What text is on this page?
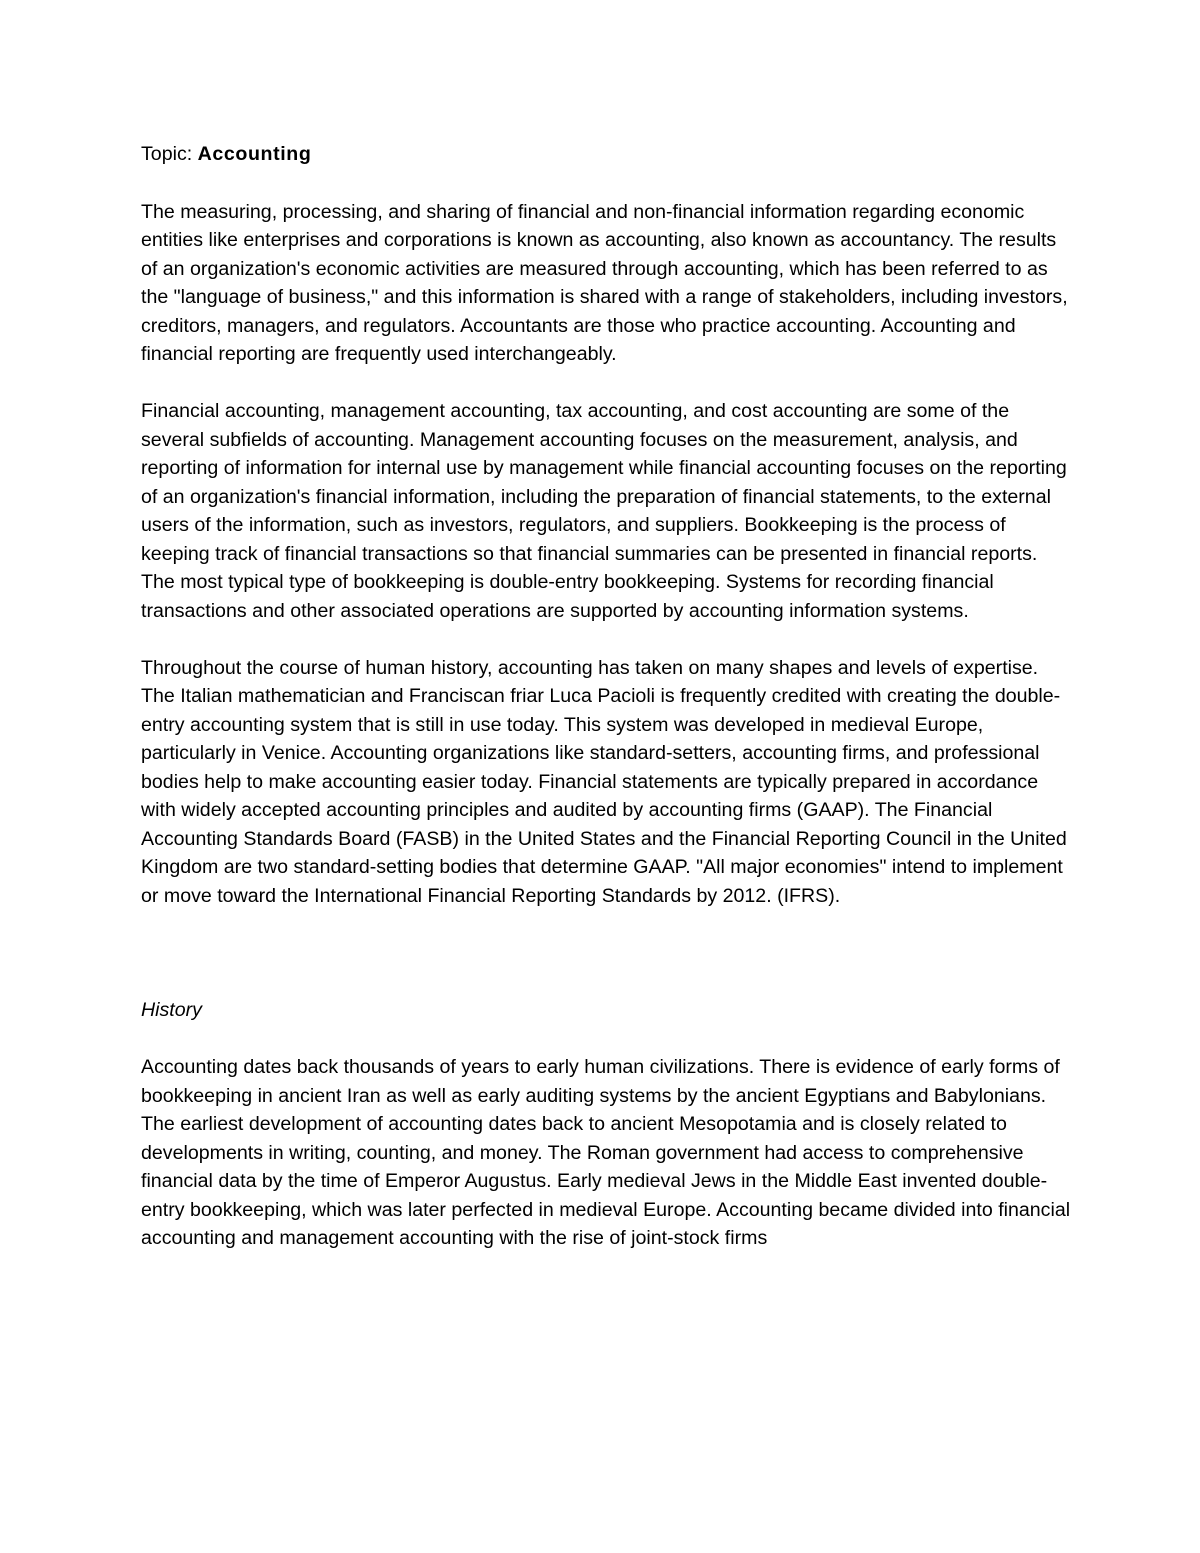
Topic: Accounting

The measuring, processing, and sharing of financial and non-financial information regarding economic entities like enterprises and corporations is known as accounting, also known as accountancy. The results of an organization's economic activities are measured through accounting, which has been referred to as the "language of business," and this information is shared with a range of stakeholders, including investors, creditors, managers, and regulators. Accountants are those who practice accounting. Accounting and financial reporting are frequently used interchangeably.

Financial accounting, management accounting, tax accounting, and cost accounting are some of the several subfields of accounting. Management accounting focuses on the measurement, analysis, and reporting of information for internal use by management while financial accounting focuses on the reporting of an organization's financial information, including the preparation of financial statements, to the external users of the information, such as investors, regulators, and suppliers. Bookkeeping is the process of keeping track of financial transactions so that financial summaries can be presented in financial reports. The most typical type of bookkeeping is double-entry bookkeeping. Systems for recording financial transactions and other associated operations are supported by accounting information systems.

Throughout the course of human history, accounting has taken on many shapes and levels of expertise. The Italian mathematician and Franciscan friar Luca Pacioli is frequently credited with creating the double-entry accounting system that is still in use today. This system was developed in medieval Europe, particularly in Venice. Accounting organizations like standard-setters, accounting firms, and professional bodies help to make accounting easier today. Financial statements are typically prepared in accordance with widely accepted accounting principles and audited by accounting firms (GAAP). The Financial Accounting Standards Board (FASB) in the United States and the Financial Reporting Council in the United Kingdom are two standard-setting bodies that determine GAAP. "All major economies" intend to implement or move toward the International Financial Reporting Standards by 2012. (IFRS).

History

Accounting dates back thousands of years to early human civilizations. There is evidence of early forms of bookkeeping in ancient Iran as well as early auditing systems by the ancient Egyptians and Babylonians. The earliest development of accounting dates back to ancient Mesopotamia and is closely related to developments in writing, counting, and money. The Roman government had access to comprehensive financial data by the time of Emperor Augustus. Early medieval Jews in the Middle East invented double-entry bookkeeping, which was later perfected in medieval Europe. Accounting became divided into financial accounting and management accounting with the rise of joint-stock firms
